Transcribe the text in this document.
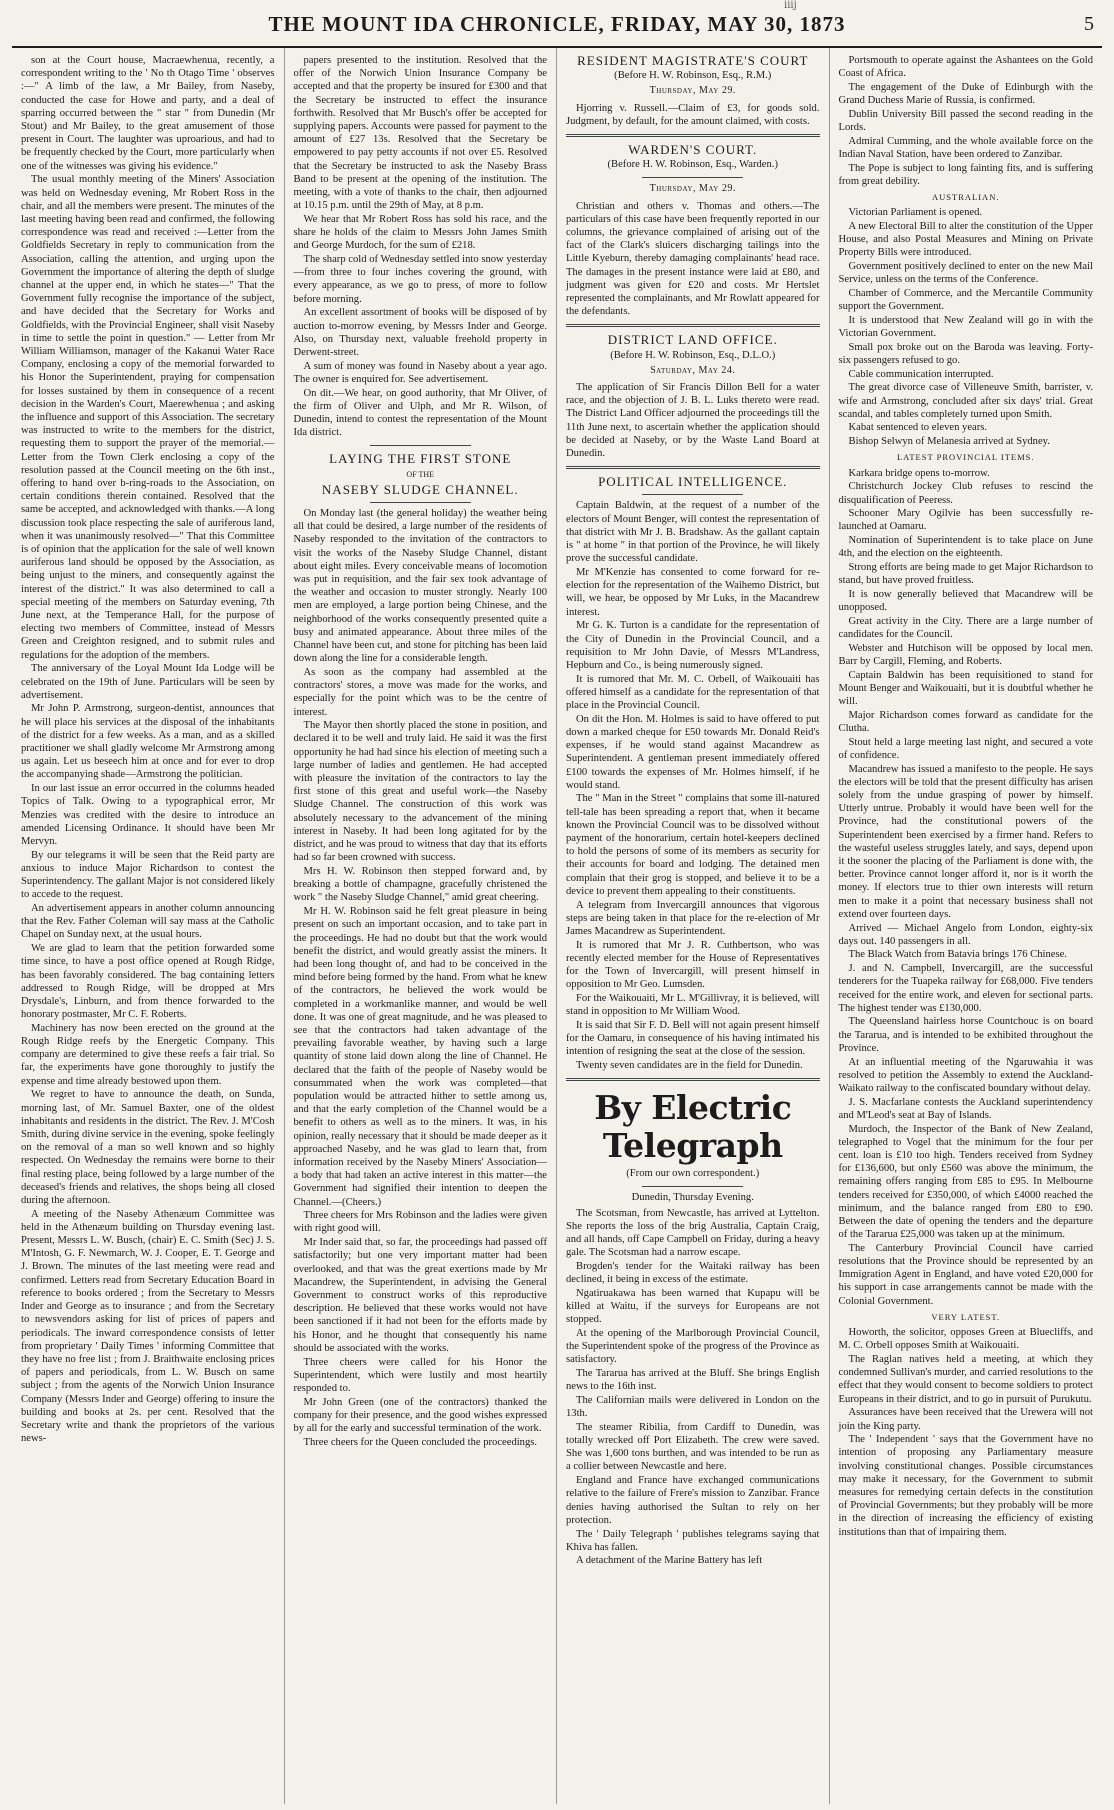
iiij
THE MOUNT IDA CHRONICLE, FRIDAY, MAY 30, 1873	5

son at the Court house, Macraewhenua, recently, a correspondent writing to the ' No th Otago Time ' observes :—" A limb of the law, a Mr Bailey, from Naseby, conducted the case for Howe and party, and a deal of sparring occurred between the " star " from Dunedin (Mr Stout) and Mr Bailey, to the great amusement of those present in Court. The laughter was uproarious, and had to be frequently checked by the Court, more particularly when one of the witnesses was giving his evidence."

The usual monthly meeting of the Miners' Association was held on Wednesday evening, Mr Robert Ross in the chair, and all the members were present. The minutes of the last meeting having been read and confirmed, the following correspondence was read and received :—Letter from the Goldfields Secretary in reply to communication from the Association, calling the attention, and urging upon the Government the importance of altering the depth of sludge channel at the upper end, in which he states—" That the Government fully recognise the importance of the subject, and have decided that the Secretary for Works and Goldfields, with the Provincial Engineer, shall visit Naseby in time to settle the point in question." — Letter from Mr William Williamson, manager of the Kakanui Water Race Company, enclosing a copy of the memorial forwarded to his Honor the Superintendent, praying for compensation for losses sustained by them in consequence of a recent decision in the Warden's Court, Maerewhenua ; and asking the influence and support of this Association. The secretary was instructed to write to the members for the district, requesting them to support the prayer of the memorial.—Letter from the Town Clerk enclosing a copy of the resolution passed at the Council meeting on the 6th inst., offering to hand over b-ring-roads to the Association, on certain conditions therein contained. Resolved that the same be accepted, and acknowledged with thanks.—A long discussion took place respecting the sale of auriferous land, when it was unanimously resolved—" That this Committee is of opinion that the application for the sale of well known auriferous land should be opposed by the Association, as being unjust to the miners, and consequently against the interest of the district." It was also determined to call a special meeting of the members on Saturday evening, 7th June next, at the Temperance Hall, for the purpose of electing two members of Committee, instead of Messrs Green and Creighton resigned, and to submit rules and regulations for the adoption of the members.

The anniversary of the Loyal Mount Ida Lodge will be celebrated on the 19th of June. Particulars will be seen by advertisement.

Mr John P. Armstrong, surgeon-dentist, announces that he will place his services at the disposal of the inhabitants of the district for a few weeks. As a man, and as a skilled practitioner we shall gladly welcome Mr Armstrong among us again. Let us beseech him at once and for ever to drop the accompanying shade—Armstrong the politician.

In our last issue an error occurred in the columns headed Topics of Talk. Owing to a typographical error, Mr Menzies was credited with the desire to introduce an amended Licensing Ordinance. It should have been Mr Mervyn.

By our telegrams it will be seen that the Reid party are anxious to induce Major Richardson to contest the Superintendency. The gallant Major is not considered likely to accede to the request.

An advertisement appears in another column announcing that the Rev. Father Coleman will say mass at the Catholic Chapel on Sunday next, at the usual hours.

We are glad to learn that the petition forwarded some time since, to have a post office opened at Rough Ridge, has been favorably considered. The bag containing letters addressed to Rough Ridge, will be dropped at Mrs Drysdale's, Linburn, and from thence forwarded to the honorary postmaster, Mr C. F. Roberts.

Machinery has now been erected on the ground at the Rough Ridge reefs by the Energetic Company. This company are determined to give these reefs a fair trial. So far, the experiments have gone thoroughly to justify the expense and time already bestowed upon them.

We regret to have to announce the death, on Sunda, morning last, of Mr. Samuel Baxter, one of the oldest inhabitants and residents in the district. The Rev. J. M'Cosh Smith, during divine service in the evening, spoke feelingly on the removal of a man so well known and so highly respected. On Wednesday the remains were borne to their final resting place, being followed by a large number of the deceased's friends and relatives, the shops being all closed during the afternoon.

A meeting of the Naseby Athenæum Committee was held in the Athenæum building on Thursday evening last. Present, Messrs L. W. Busch, (chair) E. C. Smith (Sec) J. S. M'Intosh, G. F. Newmarch, W. J. Cooper, E. T. George and J. Brown. The minutes of the last meeting were read and confirmed. Letters read from Secretary Education Board in reference to books ordered ; from the Secretary to Messrs Inder and George as to insurance ; and from the Secretary to newsvendors asking for list of prices of papers and periodicals. The inward correspondence consists of letter from proprietary ' Daily Times ' informing Committee that they have no free list ; from J. Braithwaite enclosing prices of papers and periodicals, from L. W. Busch on same subject ; from the agents of the Norwich Union Insurance Company (Messrs Inder and George) offering to insure the building and books at 2s. per cent. Resolved that the Secretary write and thank the proprietors of the various news-

papers presented to the institution. Resolved that the offer of the Norwich Union Insurance Company be accepted and that the property be insured for £300 and that the Secretary be instructed to effect the insurance forthwith. Resolved that Mr Busch's offer be accepted for supplying papers. Accounts were passed for payment to the amount of £27 13s. Resolved that the Secretary be empowered to pay petty accounts if not over £5. Resolved that the Secretary be instructed to ask the Naseby Brass Band to be present at the opening of the institution. The meeting, with a vote of thanks to the chair, then adjourned at 10.15 p.m. until the 29th of May, at 8 p.m.

We hear that Mr Robert Ross has sold his race, and the share he holds of the claim to Messrs John James Smith and George Murdoch, for the sum of £218.

The sharp cold of Wednesday settled into snow yesterday—from three to four inches covering the ground, with every appearance, as we go to press, of more to follow before morning.

An excellent assortment of books will be disposed of by auction to-morrow evening, by Messrs Inder and George. Also, on Thursday next, valuable freehold property in Derwent-street.

A sum of money was found in Naseby about a year ago. The owner is enquired for. See advertisement.

On dit.—We hear, on good authority, that Mr Oliver, of the firm of Oliver and Ulph, and Mr R. Wilson, of Dunedin, intend to contest the representation of the Mount Ida district.

LAYING THE FIRST STONE
OF THE
NASEBY SLUDGE CHANNEL.

On Monday last (the general holiday) the weather being all that could be desired, a large number of the residents of Naseby responded to the invitation of the contractors to visit the works of the Naseby Sludge Channel, distant about eight miles. Every conceivable means of locomotion was put in requisition, and the fair sex took advantage of the weather and occasion to muster strongly. Nearly 100 men are employed, a large portion being Chinese, and the neighborhood of the works consequently presented quite a busy and animated appearance. About three miles of the Channel have been cut, and stone for pitching has been laid down along the line for a considerable length.

As soon as the company had assembled at the contractors' stores, a move was made for the works, and especially for the point which was to be the centre of interest.

The Mayor then shortly placed the stone in position, and declared it to be well and truly laid. He said it was the first opportunity he had had since his election of meeting such a large number of ladies and gentlemen. He had accepted with pleasure the invitation of the contractors to lay the first stone of this great and useful work—the Naseby Sludge Channel. The construction of this work was absolutely necessary to the advancement of the mining interest in Naseby. It had been long agitated for by the district, and he was proud to witness that day that its efforts had so far been crowned with success.

Mrs H. W. Robinson then stepped forward and, by breaking a bottle of champagne, gracefully christened the work " the Naseby Sludge Channel," amid great cheering.

Mr H. W. Robinson said he felt great pleasure in being present on such an important occasion, and to take part in the proceedings. He had no doubt but that the work would benefit the district, and would greatly assist the miners. It had been long thought of, and had to be conceived in the mind before being formed by the hand. From what he knew of the contractors, he believed the work would be completed in a workmanlike manner, and would be well done. It was one of great magnitude, and he was pleased to see that the contractors had taken advantage of the prevailing favorable weather, by having such a large quantity of stone laid down along the line of Channel. He declared that the faith of the people of Naseby would be consummated when the work was completed—that population would be attracted hither to settle among us, and that the early completion of the Channel would be a benefit to others as well as to the miners. It was, in his opinion, really necessary that it should be made deeper as it approached Naseby, and he was glad to learn that, from information received by the Naseby Miners' Association—a body that had taken an active interest in this matter—the Government had signified their intention to deepen the Channel.—(Cheers.)

Three cheers for Mrs Robinson and the ladies were given with right good will.

Mr Inder said that, so far, the proceedings had passed off satisfactorily; but one very important matter had been overlooked, and that was the great exertions made by Mr Macandrew, the Superintendent, in advising the General Government to construct works of this reproductive description. He believed that these works would not have been sanctioned if it had not been for the efforts made by his Honor, and he thought that consequently his name should be associated with the works.

Three cheers were called for his Honor the Superintendent, which were lustily and most heartily responded to.

Mr John Green (one of the contractors) thanked the company for their presence, and the good wishes expressed by all for the early and successful termination of the work.

Three cheers for the Queen concluded the proceedings.

RESIDENT MAGISTRATE'S COURT
(Before H. W. Robinson, Esq., R.M.)
Thursday, May 29.

Hjorring v. Russell.—Claim of £3, for goods sold. Judgment, by default, for the amount claimed, with costs.

WARDEN'S COURT.
(Before H. W. Robinson, Esq., Warden.)
Thursday, May 29.

Christian and others v. Thomas and others.—The particulars of this case have been frequently reported in our columns, the grievance complained of arising out of the fact of the Clark's sluicers discharging tailings into the Little Kyeburn, thereby damaging complainants' head race. The damages in the present instance were laid at £80, and judgment was given for £20 and costs. Mr Hertslet represented the complainants, and Mr Rowlatt appeared for the defendants.

DISTRICT LAND OFFICE.
(Before H. W. Robinson, Esq., D.L.O.)
Saturday, May 24.

The application of Sir Francis Dillon Bell for a water race, and the objection of J. B. L. Luks thereto were read. The District Land Officer adjourned the proceedings till the 11th June next, to ascertain whether the application should be decided at Naseby, or by the Waste Land Board at Dunedin.

POLITICAL INTELLIGENCE.

Captain Baldwin, at the request of a number of the electors of Mount Benger, will contest the representation of that district with Mr J. B. Bradshaw. As the gallant captain is " at home " in that portion of the Province, he will likely prove the successful candidate.

Mr M'Kenzie has consented to come forward for re-election for the representation of the Waihemo District, but will, we hear, be opposed by Mr Luks, in the Macandrew interest.

Mr G. K. Turton is a candidate for the representation of the City of Dunedin in the Provincial Council, and a requisition to Mr John Davie, of Messrs M'Landress, Hepburn and Co., is being numerously signed.

It is rumored that Mr. M. C. Orbell, of Waikouaiti has offered himself as a candidate for the representation of that place in the Provincial Council.

On dit the Hon. M. Holmes is said to have offered to put down a marked cheque for £50 towards Mr. Donald Reid's expenses, if he would stand against Macandrew as Superintendent. A gentleman present immediately offered £100 towards the expenses of Mr. Holmes himself, if he would stand.

The " Man in the Street " complains that some ill-natured tell-tale has been spreading a report that, when it became known the Provincial Council was to be dissolved without payment of the honorarium, certain hotel-keepers declined to hold the persons of some of its members as security for their accounts for board and lodging. The detained men complain that their grog is stopped, and believe it to be a device to prevent them appealing to their constituents.

A telegram from Invercargill announces that vigorous steps are being taken in that place for the re-election of Mr James Macandrew as Superintendent.

It is rumored that Mr J. R. Cuthbertson, who was recently elected member for the House of Representatives for the Town of Invercargill, will present himself in opposition to Mr Geo. Lumsden.

For the Waikouaiti, Mr L. M'Gillivray, it is believed, will stand in opposition to Mr William Wood.

It is said that Sir F. D. Bell will not again present himself for the Oamaru, in consequence of his having intimated his intention of resigning the seat at the close of the session.

Twenty seven candidates are in the field for Dunedin.

By Electric Telegraph
(From our own correspondent.)
Dunedin, Thursday Evening.

The Scotsman, from Newcastle, has arrived at Lyttelton. She reports the loss of the brig Australia, Captain Craig, and all hands, off Cape Campbell on Friday, during a heavy gale. The Scotsman had a narrow escape.

Brogden's tender for the Waitaki railway has been declined, it being in excess of the estimate.

Ngatiruakawa has been warned that Kupapu will be killed at Waitu, if the surveys for Europeans are not stopped.

At the opening of the Marlborough Provincial Council, the Superintendent spoke of the progress of the Province as satisfactory.

The Tararua has arrived at the Bluff. She brings English news to the 16th inst.

The Californian mails were delivered in London on the 13th.

The steamer Ribilia, from Cardiff to Dunedin, was totally wrecked off Port Elizabeth. The crew were saved. She was 1,600 tons burthen, and was intended to be run as a collier between Newcastle and here.

England and France have exchanged communications relative to the failure of Frere's mission to Zanzibar. France denies having authorised the Sultan to rely on her protection.

The ' Daily Telegraph ' publishes telegrams saying that Khiva has fallen.

A detachment of the Marine Battery has left

Portsmouth to operate against the Ashantees on the Gold Coast of Africa.

The engagement of the Duke of Edinburgh with the Grand Duchess Marie of Russia, is confirmed.

Dublin University Bill passed the second reading in the Lords.

Admiral Cumming, and the whole available force on the Indian Naval Station, have been ordered to Zanzibar.

The Pope is subject to long fainting fits, and is suffering from great debility.

AUSTRALIAN.

Victorian Parliament is opened.

A new Electoral Bill to alter the constitution of the Upper House, and also Postal Measures and Mining on Private Property Bills were introduced.

Government positively declined to enter on the new Mail Service, unless on the terms of the Conference.

Chamber of Commerce, and the Mercantile Community support the Government.

It is understood that New Zealand will go in with the Victorian Government.

Small pox broke out on the Baroda was leaving. Forty-six passengers refused to go.

Cable communication interrupted.

The great divorce case of Villeneuve Smith, barrister, v. wife and Armstrong, concluded after six days' trial. Great scandal, and tables completely turned upon Smith.

Kabat sentenced to eleven years.

Bishop Selwyn of Melanesia arrived at Sydney.

LATEST PROVINCIAL ITEMS.

Karkara bridge opens to-morrow.

Christchurch Jockey Club refuses to rescind the disqualification of Peeress.

Schooner Mary Ogilvie has been successfully re-launched at Oamaru.

Nomination of Superintendent is to take place on June 4th, and the election on the eighteenth.

Strong efforts are being made to get Major Richardson to stand, but have proved fruitless.

It is now generally believed that Macandrew will be unopposed.

Great activity in the City. There are a large number of candidates for the Council.

Webster and Hutchison will be opposed by local men. Barr by Cargill, Fleming, and Roberts.

Captain Baldwin has been requisitioned to stand for Mount Benger and Waikouaiti, but it is doubtful whether he will.

Major Richardson comes forward as candidate for the Clutha.

Stout held a large meeting last night, and secured a vote of confidence.

Macandrew has issued a manifesto to the people. He says the electors will be told that the present difficulty has arisen solely from the undue grasping of power by himself. Utterly untrue. Probably it would have been well for the Province, had the constitutional powers of the Superintendent been exercised by a firmer hand. Refers to the wasteful useless struggles lately, and says, depend upon it the sooner the placing of the Parliament is done with, the better. Province cannot longer afford it, nor is it worth the money. If electors true to thier own interests will return men to make it a point that necessary business shall not extend over fourteen days.

Arrived — Michael Angelo from London, eighty-six days out. 140 passengers in all.

The Black Watch from Batavia brings 176 Chinese.

J. and N. Campbell, Invercargill, are the successful tenderers for the Tuapeka railway for £68,000. Five tenders received for the entire work, and eleven for sectional parts. The highest tender was £130,000.

The Queensland hairless horse Countchouc is on board the Tararua, and is intended to be exhibited throughout the Province.

At an influential meeting of the Ngaruwahia it was resolved to petition the Assembly to extend the Auckland-Waikato railway to the confiscated boundary without delay.

J. S. Macfarlane contests the Auckland superintendency and M'Leod's seat at Bay of Islands.

Murdoch, the Inspector of the Bank of New Zealand, telegraphed to Vogel that the minimum for the four per cent. loan is £10 too high. Tenders received from Sydney for £136,600, but only £560 was above the minimum, the remaining offers ranging from £85 to £95. In Melbourne tenders received for £350,000, of which £4000 reached the minimum, and the balance ranged from £80 to £90. Between the date of opening the tenders and the departure of the Tararua £25,000 was taken up at the minimum.

The Canterbury Provincial Council have carried resolutions that the Province should be represented by an Immigration Agent in England, and have voted £20,000 for his support in case arrangements cannot be made with the Colonial Government.

VERY LATEST.

Howorth, the solicitor, opposes Green at Bluecliffs, and M. C. Orbell opposes Smith at Waikouaiti.

The Raglan natives held a meeting, at which they condemned Sullivan's murder, and carried resolutions to the effect that they would consent to become soldiers to protect Europeans in their district, and to go in pursuit of Purukutu.

Assurances have been received that the Urewera will not join the King party.

The ' Independent ' says that the Government have no intention of proposing any Parliamentary measure involving constitutional changes. Possible circumstances may make it necessary, for the Government to submit measures for remedying certain defects in the constitution of Provincial Governments; but they probably will be more in the direction of increasing the efficiency of existing institutions than that of impairing them.
